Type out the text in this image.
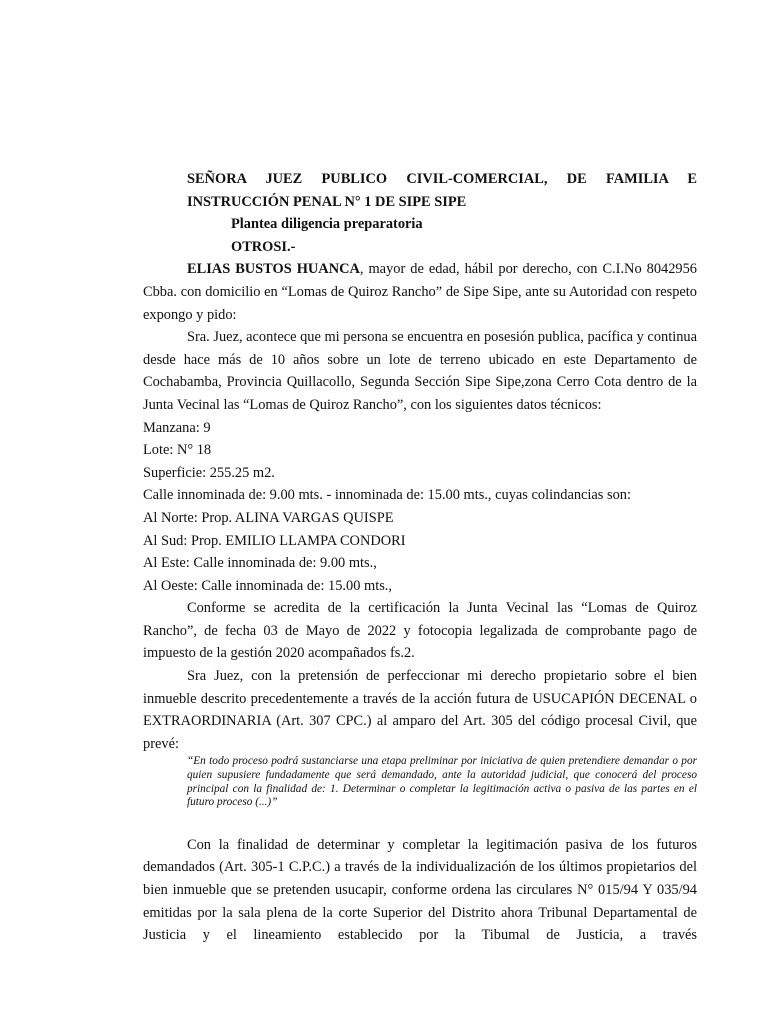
SEÑORA JUEZ PUBLICO CIVIL-COMERCIAL, DE FAMILIA E INSTRUCCIÓN PENAL N° 1 DE SIPE SIPE

Plantea diligencia preparatoria

OTROSI.-

ELIAS BUSTOS HUANCA, mayor de edad, hábil por derecho, con C.I.No 8042956 Cbba. con domicilio en “Lomas de Quiroz Rancho” de Sipe Sipe, ante su Autoridad con respeto expongo y pido:

Sra. Juez, acontece que mi persona se encuentra en posesión publica, pacífica y continua desde hace más de 10 años sobre un lote de terreno ubicado en este Departamento de Cochabamba, Provincia Quillacollo, Segunda Sección Sipe Sipe,zona Cerro Cota dentro de la Junta Vecinal las “Lomas de Quiroz Rancho”, con los siguientes datos técnicos:

Manzana: 9

Lote: N° 18

Superficie: 255.25 m2.

Calle innominada de: 9.00 mts. - innominada de: 15.00 mts., cuyas colindancias son:

Al Norte: Prop. ALINA VARGAS QUISPE

Al Sud: Prop. EMILIO LLAMPA CONDORI

Al Este: Calle innominada de: 9.00 mts.,

Al Oeste: Calle innominada de: 15.00 mts.,

Conforme se acredita de la certificación la Junta Vecinal las “Lomas de Quiroz Rancho”, de fecha 03 de Mayo de 2022 y fotocopia legalizada de comprobante pago de impuesto de la gestión 2020 acompañados fs.2.

Sra Juez, con la pretensión de perfeccionar mi derecho propietario sobre el bien inmueble descrito precedentemente a través de la acción futura de USUCAPIÓN DECENAL o EXTRAORDINARIA (Art. 307 CPC.) al amparo del Art. 305 del código procesal Civil, que prevé:

“En todo proceso podrá sustanciarse una etapa preliminar por iniciativa de quien pretendiere demandar o por quien supusiere fundadamente que será demandado, ante la autoridad judicial, que conocerá del proceso principal con la finalidad de: 1. Determinar o completar la legitimación activa o pasiva de las partes en el futuro proceso (...)”

Con la finalidad de determinar y completar la legitimación pasiva de los futuros demandados (Art. 305-1 C.P.C.) a través de la individualización de los últimos propietarios del bien inmueble que se pretenden usucapir, conforme ordena las circulares N° 015/94 Y 035/94 emitidas por la sala plena de la corte Superior del Distrito ahora Tribunal Departamental de Justicia y el lineamiento establecido por la Tibumal de Justicia, a través
